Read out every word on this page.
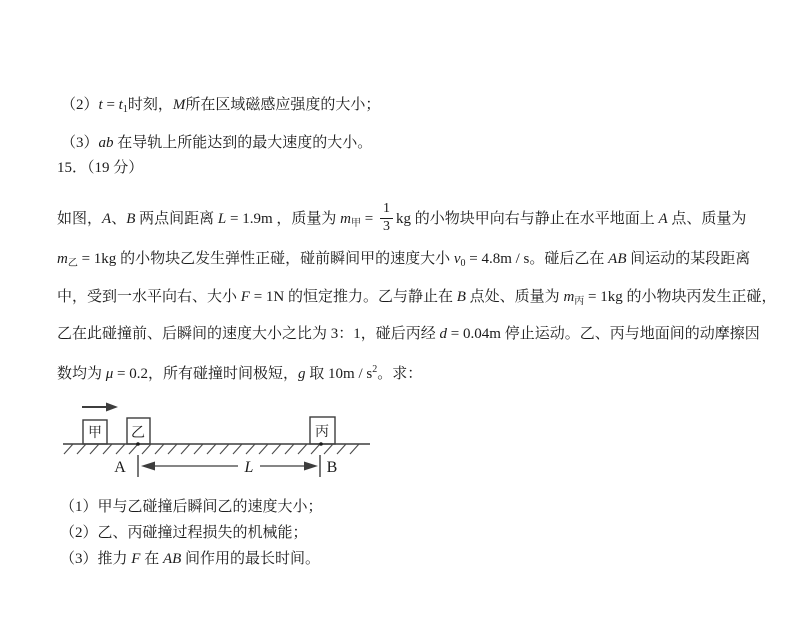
$(2)t = t_1$时刻，M所在区域磁感应强度的大小；
（3）ab 在导轨上所能达到的最大速度的大小。
15．（19 分）
如图，A、B 两点间距离 L = 1.9m ，质量为 $m_甲 = \frac{1}{3}$ kg 的小物块甲向右与静止在水平地面上 A 点、质量为
$m_乙 = 1kg$ 的小物块乙发生弹性正碰，碰前瞬间甲的速度大小 $v_0 = 4.8m / s$。碰后乙在 AB 间运动的某段距离
中，受到一水平向右、大小 F = 1N 的恒定推力。乙与静止在 B 点处、质量为 $m_丙 = 1kg$ 的小物块丙发生正碰，
乙在此碰撞前、后瞬间的速度大小之比为 3：1，碰后丙经 d = 0.04m 停止运动。乙、丙与地面间的动摩擦因
数均为 μ = 0.2，所有碰撞时间极短，g 取 $10m / s^2$。求：
甲 乙	丙
A	L	B
（1）甲与乙碰撞后瞬间乙的速度大小；
（2）乙、丙碰撞过程损失的机械能；
（3）推力 F 在 AB 间作用的最长时间。
